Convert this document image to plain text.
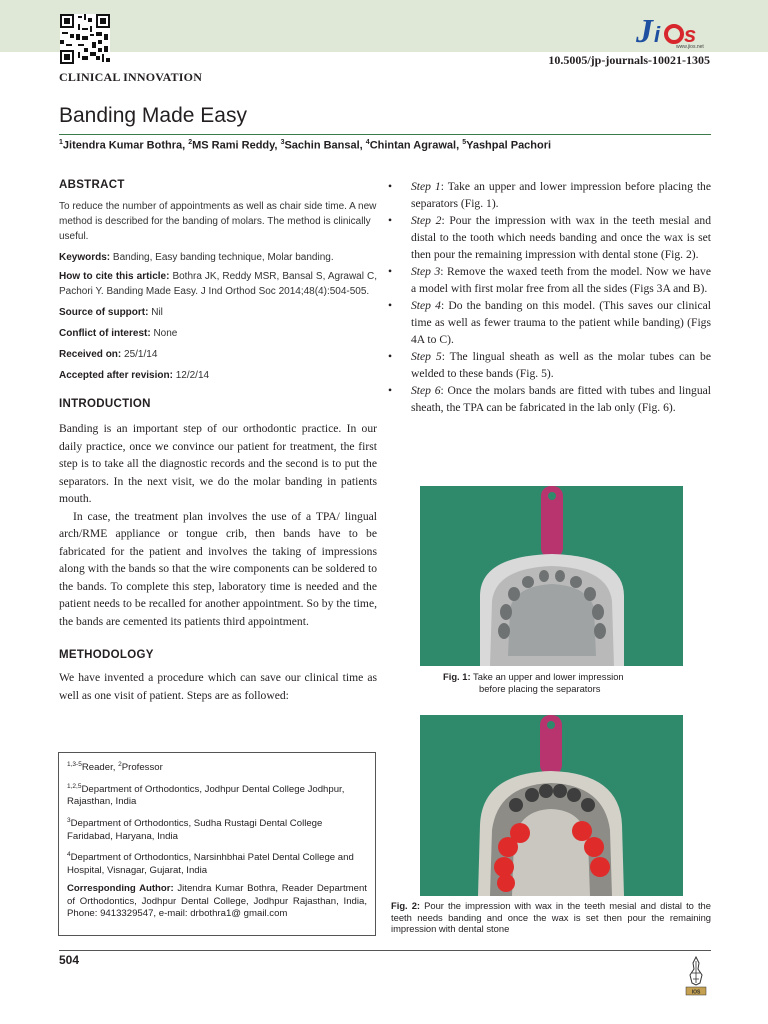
J i s
www.jios.net
10.5005/jp-journals-10021-1305
CLINICAL INNOVATION
Banding Made Easy
$^1$Jitendra Kumar Bothra, $^2$MS Rami Reddy, $^3$Sachin Bansal, $^4$Chintan Agrawal, $^5$Yashpal Pachori
ABSTRACT
To reduce the number of appointments as well as chair side time. A new method is described for the banding of molars. The method is clinically useful.
Keywords: Banding, Easy banding technique, Molar banding.
How to cite this article: Bothra JK, Reddy MSR, Bansal S, Agrawal C, Pachori Y. Banding Made Easy. J Ind Orthod Soc 2014;48(4):504-505.
Source of support: Nil
Conflict of interest: None
Received on: 25/1/14
Accepted after revision: 12/2/14
INTRODUCTION
Banding is an important step of our orthodontic practice. In our daily practice, once we convince our patient for treatment, the first step is to take all the diagnostic records and the second is to put the separators. In the next visit, we do the molar banding in patients mouth.
In case, the treatment plan involves the use of a TPA/ lingual arch/RME appliance or tongue crib, then bands have to be fabricated for the patient and involves the taking of impressions along with the bands so that the wire components can be soldered to the bands. To complete this step, laboratory time is needed and the patient needs to be recalled for another appointment. So by the time, the bands are cemented its patients third appointment.
METHODOLOGY
We have invented a procedure which can save our clinical time as well as one visit of patient. Steps are as followed:

$^{1,3-5}$Reader, $^2$Professor

$^{1,2,5}$Department of Orthodontics, Jodhpur Dental College Jodhpur, Rajasthan, India

$^3$Department of Orthodontics, Sudha Rustagi Dental College Faridabad, Haryana, India

$^4$Department of Orthodontics, Narsinhbhai Patel Dental College and Hospital, Visnagar, Gujarat, India

Corresponding Author: Jitendra Kumar Bothra, Reader Department of Orthodontics, Jodhpur Dental College, Jodhpur Rajasthan, India, Phone: 9413329547, e-mail: drbothra1@ gmail.com

• Step 1: Take an upper and lower impression before placing the separators (Fig. 1).
• Step 2: Pour the impression with wax in the teeth mesial and distal to the tooth which needs banding and once the wax is set then pour the remaining impression with dental stone (Fig. 2).
• Step 3: Remove the waxed teeth from the model. Now we have a model with first molar free from all the sides (Figs 3A and B).
• Step 4: Do the banding on this model. (This saves our clinical time as well as fewer trauma to the patient while banding) (Figs 4A to C).
• Step 5: The lingual sheath as well as the molar tubes can be welded to these bands (Fig. 5).
• Step 6: Once the molars bands are fitted with tubes and lingual sheath, the TPA can be fabricated in the lab only (Fig. 6).
Fig. 1: Take an upper and lower impression
before placing the separators
Fig. 2: Pour the impression with wax in the teeth mesial and distal to the teeth needs banding and once the wax is set then pour the remaining impression with dental stone
504
IOS
